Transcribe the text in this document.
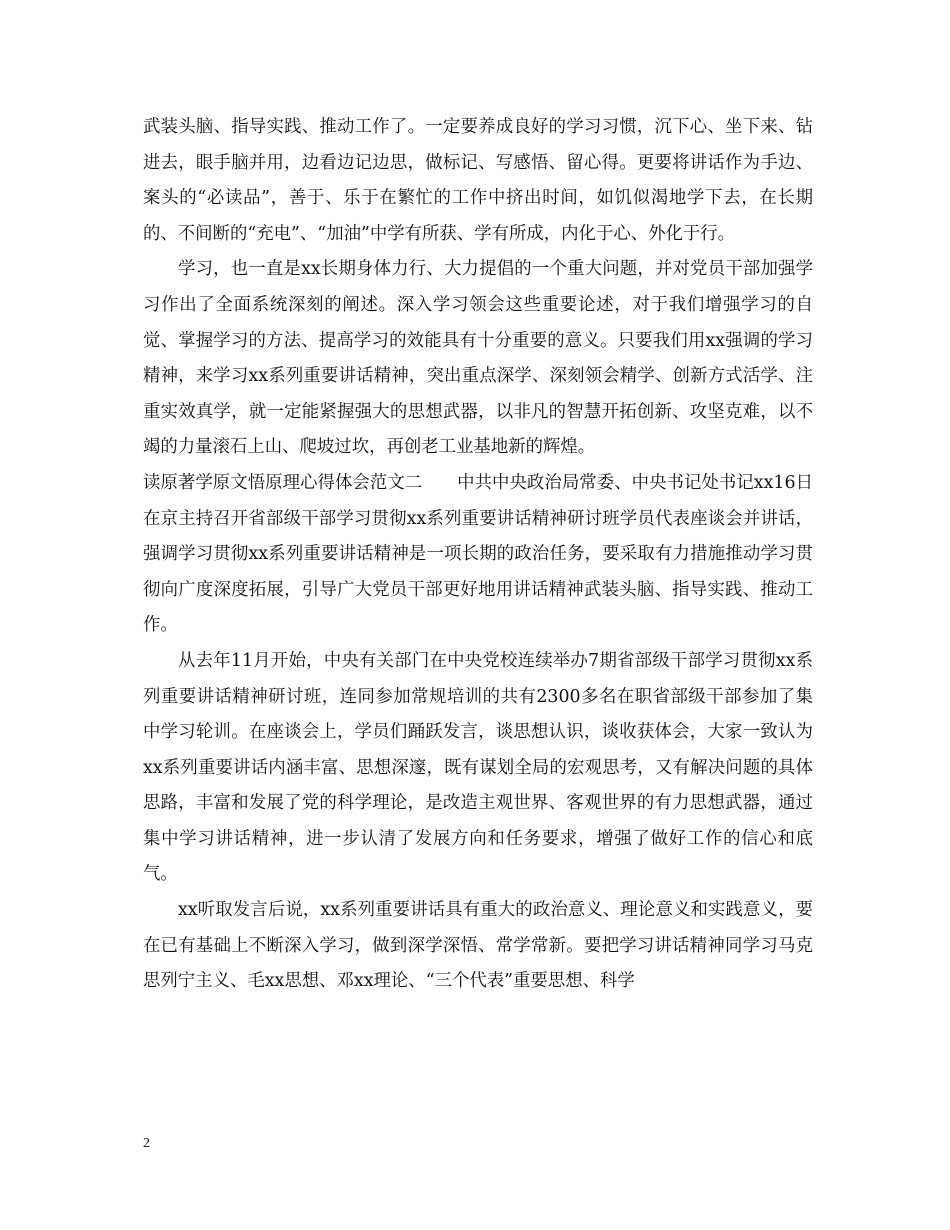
武装头脑、指导实践、推动工作了。一定要养成良好的学习习惯，沉下心、坐下来、钻进去，眼手脑并用，边看边记边思，做标记、写感悟、留心得。更要将讲话作为手边、案头的“必读品”，善于、乐于在繁忙的工作中挤出时间，如饥似渴地学下去，在长期的、不间断的“充电”、“加油”中学有所获、学有所成，内化于心、外化于行。

学习，也一直是xx长期身体力行、大力提倡的一个重大问题，并对党员干部加强学习作出了全面系统深刻的阐述。深入学习领会这些重要论述，对于我们增强学习的自觉、掌握学习的方法、提高学习的效能具有十分重要的意义。只要我们用xx强调的学习精神，来学习xx系列重要讲话精神，突出重点深学、深刻领会精学、创新方式活学、注重实效真学，就一定能紧握强大的思想武器，以非凡的智慧开拓创新、攻坚克难，以不竭的力量滚石上山、爬坡过坎，再创老工业基地新的辉煌。

读原著学原文悟原理心得体会范文二　　中共中央政治局常委、中央书记处书记xx16日在京主持召开省部级干部学习贯彻xx系列重要讲话精神研讨班学员代表座谈会并讲话，强调学习贯彻xx系列重要讲话精神是一项长期的政治任务，要采取有力措施推动学习贯彻向广度深度拓展，引导广大党员干部更好地用讲话精神武装头脑、指导实践、推动工作。

从去年11月开始，中央有关部门在中央党校连续举办7期省部级干部学习贯彻xx系列重要讲话精神研讨班，连同参加常规培训的共有2300多名在职省部级干部参加了集中学习轮训。在座谈会上，学员们踊跃发言，谈思想认识，谈收获体会，大家一致认为xx系列重要讲话内涵丰富、思想深邃，既有谋划全局的宏观思考，又有解决问题的具体思路，丰富和发展了党的科学理论，是改造主观世界、客观世界的有力思想武器，通过集中学习讲话精神，进一步认清了发展方向和任务要求，增强了做好工作的信心和底气。

xx听取发言后说，xx系列重要讲话具有重大的政治意义、理论意义和实践意义，要在已有基础上不断深入学习，做到深学深悟、常学常新。要把学习讲话精神同学习马克思列宁主义、毛xx思想、邓xx理论、“三个代表”重要思想、科学

2
